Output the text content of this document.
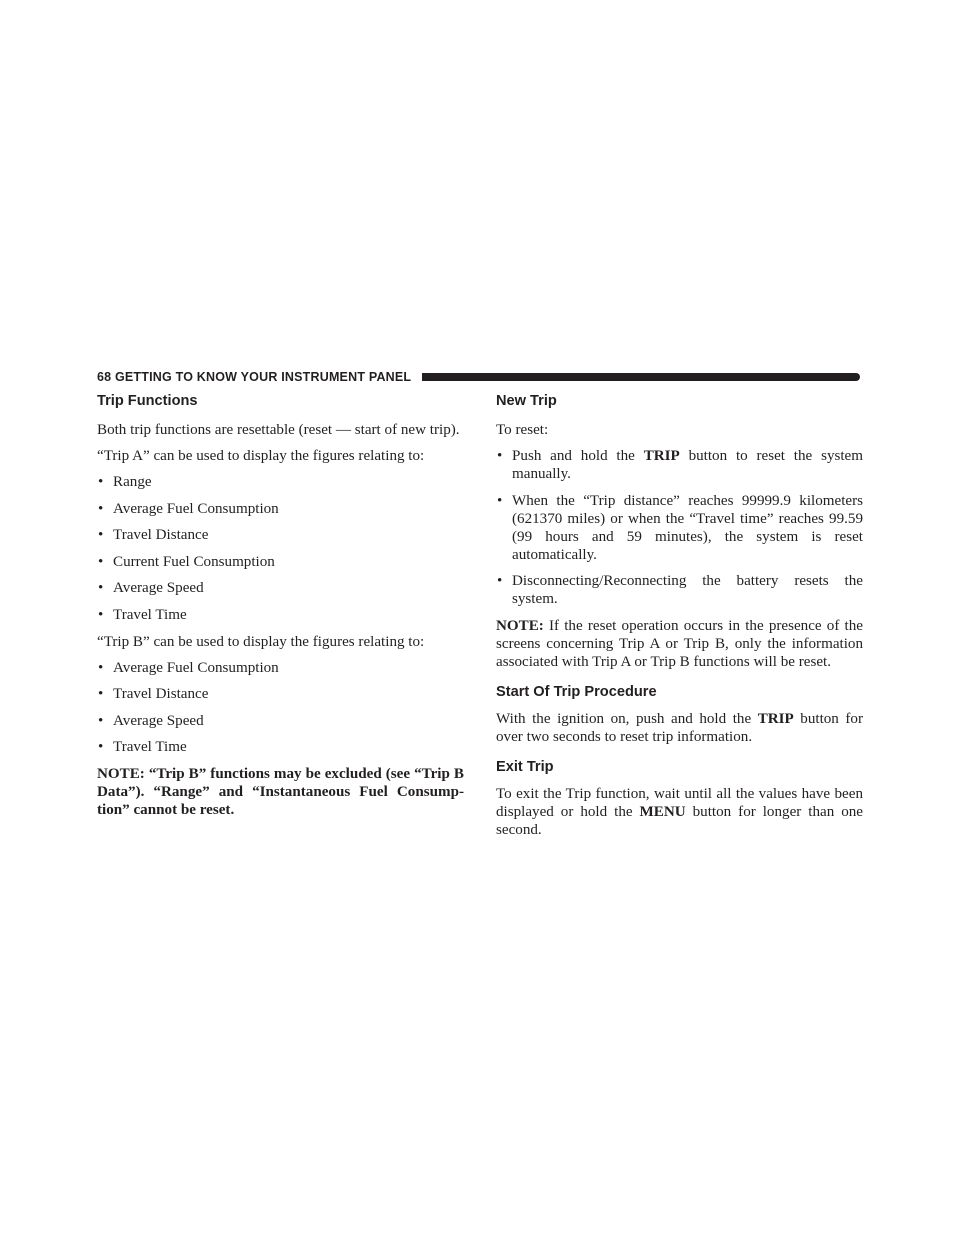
68 GETTING TO KNOW YOUR INSTRUMENT PANEL
Trip Functions

Both trip functions are resettable (reset — start of new trip).

“Trip A” can be used to display the figures relating to:

• Range
• Average Fuel Consumption
• Travel Distance
• Current Fuel Consumption
• Average Speed
• Travel Time

“Trip B” can be used to display the figures relating to:

• Average Fuel Consumption
• Travel Distance
• Average Speed
• Travel Time

NOTE: “Trip B” functions may be excluded (see “Trip B Data”). “Range” and “Instantaneous Fuel Consump- tion” cannot be reset.

New Trip

To reset:

• Push and hold the TRIP button to reset the system manually.
• When the “Trip distance” reaches 99999.9 kilometers (621370 miles) or when the “Travel time” reaches 99.59 (99 hours and 59 minutes), the system is reset automatically.
• Disconnecting/Reconnecting the battery resets the system.

NOTE: If the reset operation occurs in the presence of the screens concerning Trip A or Trip B, only the information associated with Trip A or Trip B functions will be reset.

Start Of Trip Procedure

With the ignition on, push and hold the TRIP button for over two seconds to reset trip information.

Exit Trip

To exit the Trip function, wait until all the values have been displayed or hold the MENU button for longer than one second.
